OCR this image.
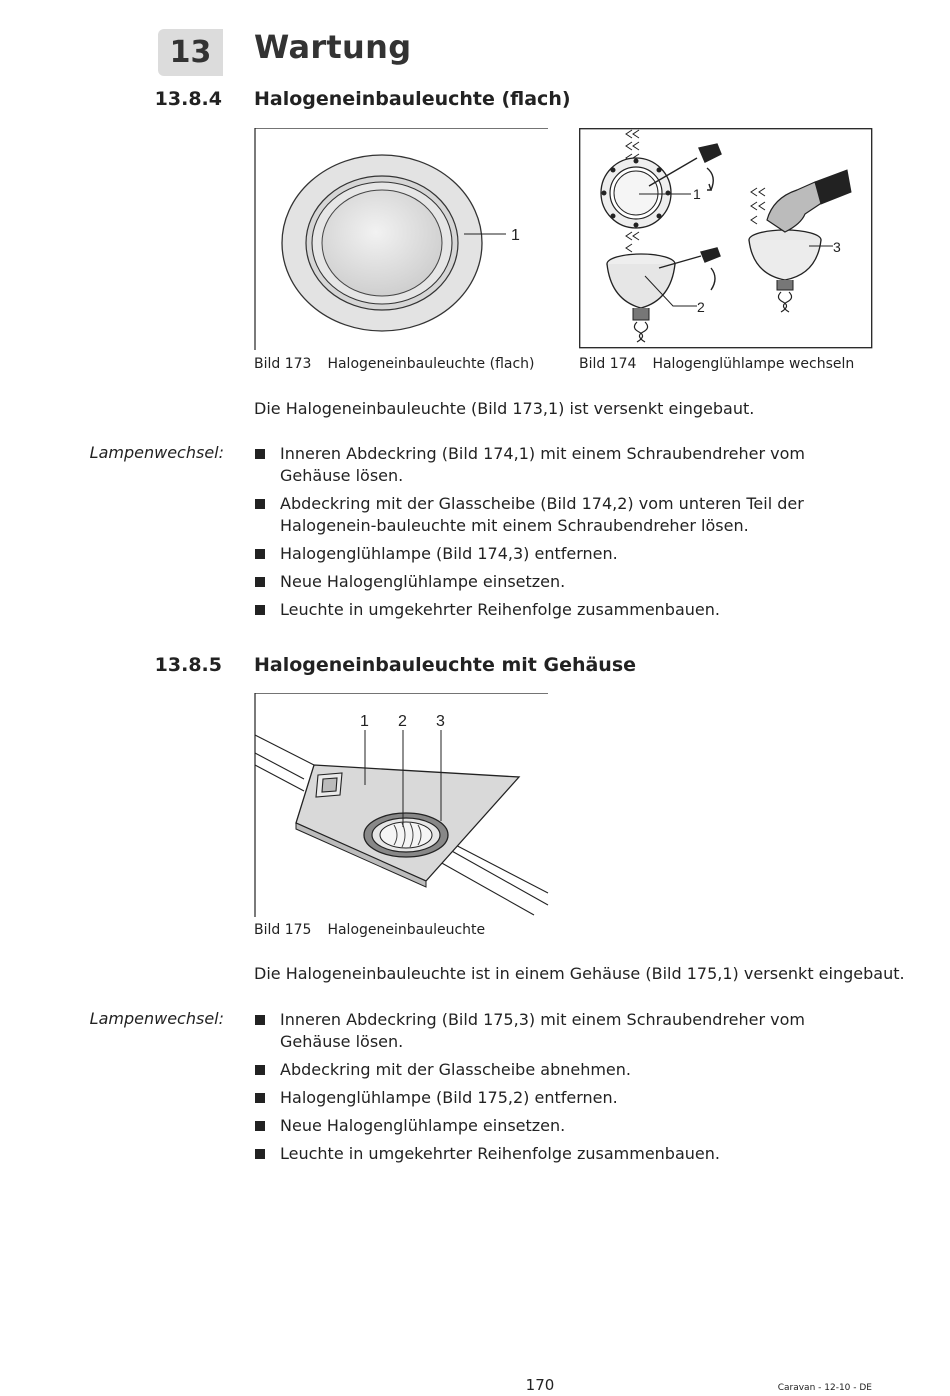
13	Wartung
13.8.4 Halogeneinbauleuchte (flach)
1
1
2
3
Bild 173 Halogeneinbauleuchte (flach)	Bild 174 Halogenglühlampe wechseln
Die Halogeneinbauleuchte (Bild 173,1) ist versenkt eingebaut.
Lampenwechsel:	Inneren Abdeckring (Bild 174,1) mit einem Schraubendreher vom Gehäuse lösen.
Abdeckring mit der Glasscheibe (Bild 174,2) vom unteren Teil der Halogenein-bauleuchte mit einem Schraubendreher lösen.
Halogenglühlampe (Bild 174,3) entfernen.
Neue Halogenglühlampe einsetzen.
Leuchte in umgekehrter Reihenfolge zusammenbauen.
13.8.5 Halogeneinbauleuchte mit Gehäuse
1 2 3
Bild 175 Halogeneinbauleuchte
Die Halogeneinbauleuchte ist in einem Gehäuse (Bild 175,1) versenkt eingebaut.
Lampenwechsel:	Inneren Abdeckring (Bild 175,3) mit einem Schraubendreher vom Gehäuse lösen.
Abdeckring mit der Glasscheibe abnehmen.
Halogenglühlampe (Bild 175,2) entfernen.
Neue Halogenglühlampe einsetzen.
Leuchte in umgekehrter Reihenfolge zusammenbauen.
170	Caravan - 12-10 - DE
